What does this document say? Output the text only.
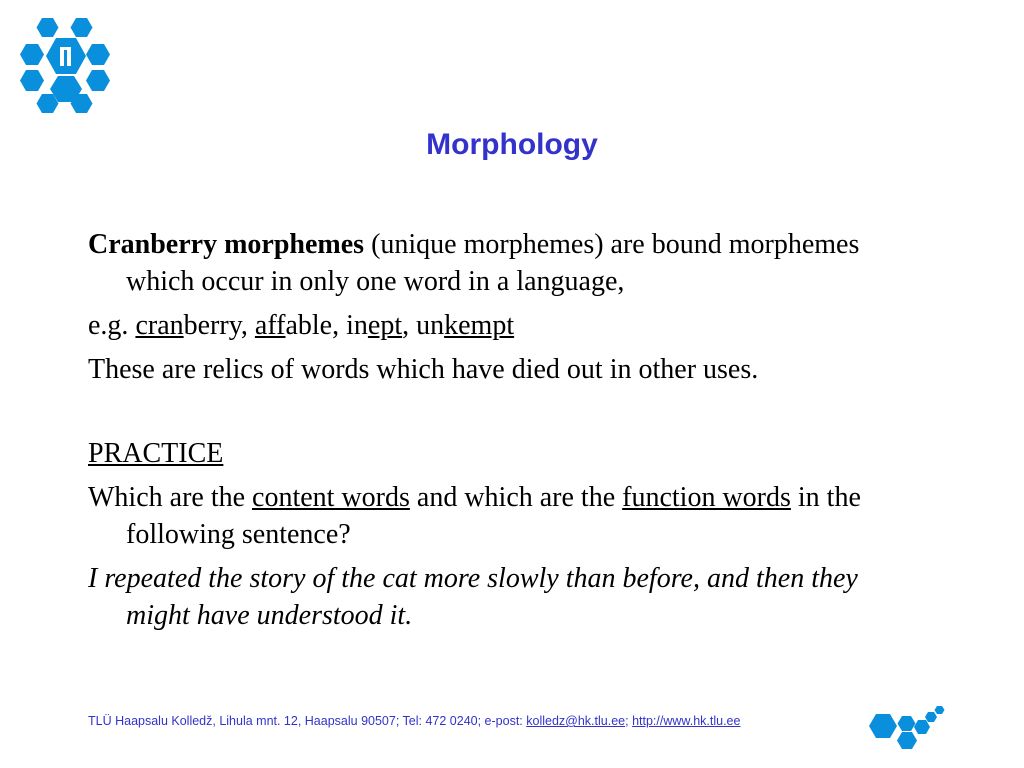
Morphology

Cranberry morphemes (unique morphemes) are bound morphemes which occur in only one word in a language,

e.g. cranberry, affable, inept, unkempt

These are relics of words which have died out in other uses.

PRACTICE

Which are the content words and which are the function words in the following sentence?

I repeated the story of the cat more slowly than before, and then they might have understood it.

TLÜ Haapsalu Kolledž, Lihula mnt. 12, Haapsalu 90507; Tel: 472 0240; e-post: kolledz@hk.tlu.ee; http://www.hk.tlu.ee
